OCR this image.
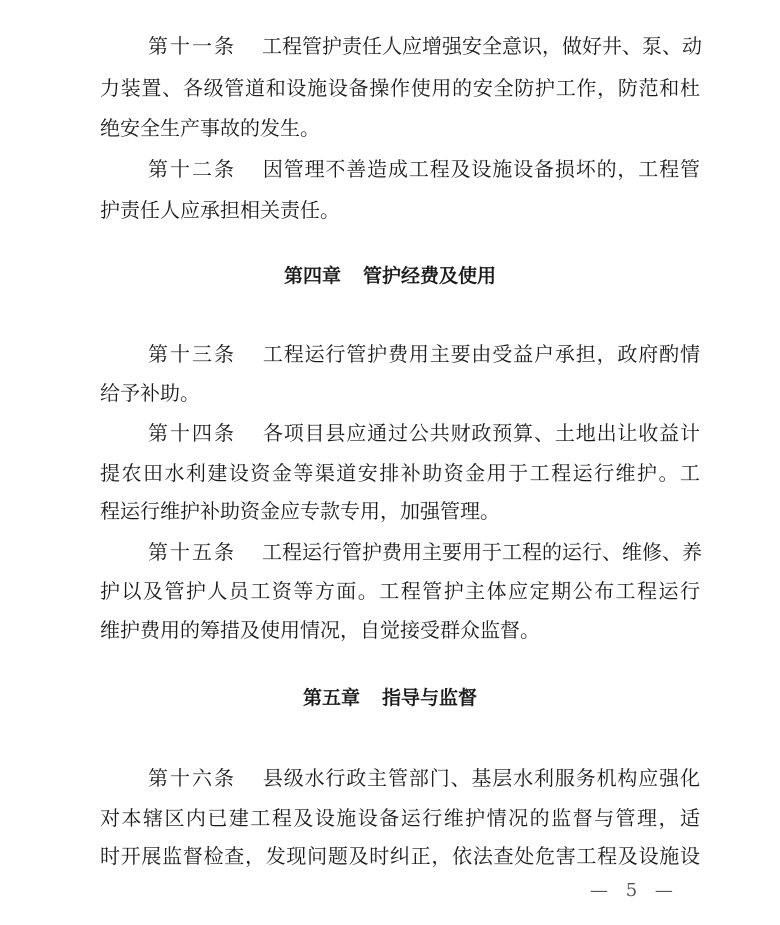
第十一条 工程管护责任人应增强安全意识，做好井、泵、动
力装置、各级管道和设施设备操作使用的安全防护工作，防范和杜
绝安全生产事故的发生。
第十二条 因管理不善造成工程及设施设备损坏的，工程管
护责任人应承担相关责任。
第四章 管护经费及使用
第十三条 工程运行管护费用主要由受益户承担，政府酌情
给予补助。
第十四条 各项目县应通过公共财政预算、土地出让收益计
提农田水利建设资金等渠道安排补助资金用于工程运行维护。工
程运行维护补助资金应专款专用，加强管理。
第十五条 工程运行管护费用主要用于工程的运行、维修、养
护以及管护人员工资等方面。工程管护主体应定期公布工程运行
维护费用的筹措及使用情况，自觉接受群众监督。
第五章 指导与监督
第十六条 县级水行政主管部门、基层水利服务机构应强化
对本辖区内已建工程及设施设备运行维护情况的监督与管理，适
时开展监督检查，发现问题及时纠正，依法查处危害工程及设施设
— 5 —
